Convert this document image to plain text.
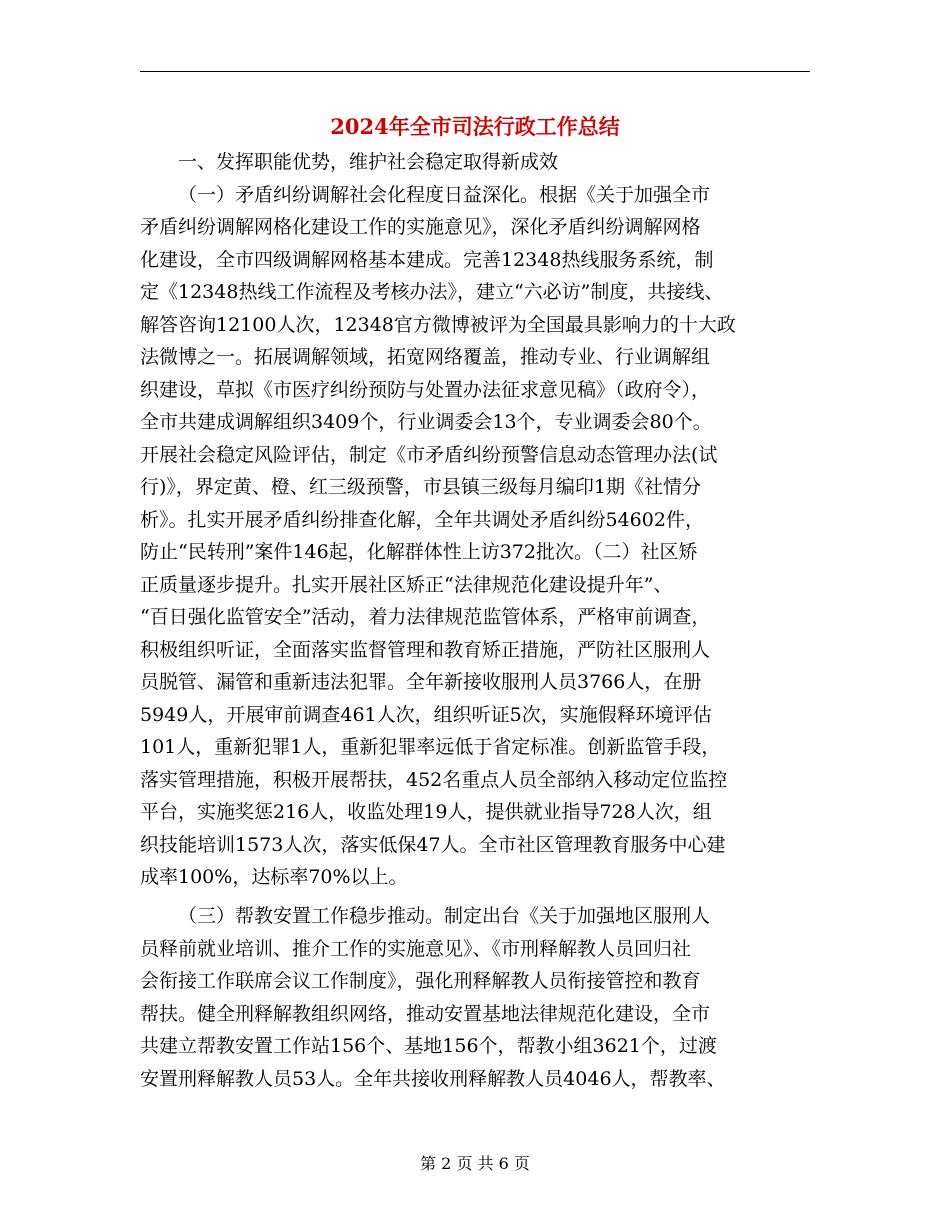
2024年全市司法行政工作总结
一、发挥职能优势，维护社会稳定取得新成效
（一）矛盾纠纷调解社会化程度日益深化。根据《关于加强全市
矛盾纠纷调解网格化建设工作的实施意见》，深化矛盾纠纷调解网格
化建设，全市四级调解网格基本建成。完善12348热线服务系统，制
定《12348热线工作流程及考核办法》，建立“六必访”制度，共接线、
解答咨询12100人次，12348官方微博被评为全国最具影响力的十大政
法微博之一。拓展调解领域，拓宽网络覆盖，推动专业、行业调解组
织建设，草拟《市医疗纠纷预防与处置办法征求意见稿》（政府令），
全市共建成调解组织3409个，行业调委会13个，专业调委会80个。
开展社会稳定风险评估，制定《市矛盾纠纷预警信息动态管理办法(试
行)》，界定黄、橙、红三级预警，市县镇三级每月编印1期《社情分
析》。扎实开展矛盾纠纷排查化解，全年共调处矛盾纠纷54602件，
防止“民转刑”案件146起，化解群体性上访372批次。（二）社区矫
正质量逐步提升。扎实开展社区矫正“法律规范化建设提升年”、
“百日强化监管安全”活动，着力法律规范监管体系，严格审前调查，
积极组织听证，全面落实监督管理和教育矫正措施，严防社区服刑人
员脱管、漏管和重新违法犯罪。全年新接收服刑人员3766人，在册
5949人，开展审前调查461人次，组织听证5次，实施假释环境评估
101人，重新犯罪1人，重新犯罪率远低于省定标准。创新监管手段，
落实管理措施，积极开展帮扶，452名重点人员全部纳入移动定位监控
平台，实施奖惩216人，收监处理19人，提供就业指导728人次，组
织技能培训1573人次，落实低保47人。全市社区管理教育服务中心建
成率100%，达标率70%以上。
（三）帮教安置工作稳步推动。制定出台《关于加强地区服刑人
员释前就业培训、推介工作的实施意见》、《市刑释解教人员回归社
会衔接工作联席会议工作制度》，强化刑释解教人员衔接管控和教育
帮扶。健全刑释解教组织网络，推动安置基地法律规范化建设，全市
共建立帮教安置工作站156个、基地156个，帮教小组3621个，过渡
安置刑释解教人员53人。全年共接收刑释解教人员4046人，帮教率、
第 2 页 共 6 页
